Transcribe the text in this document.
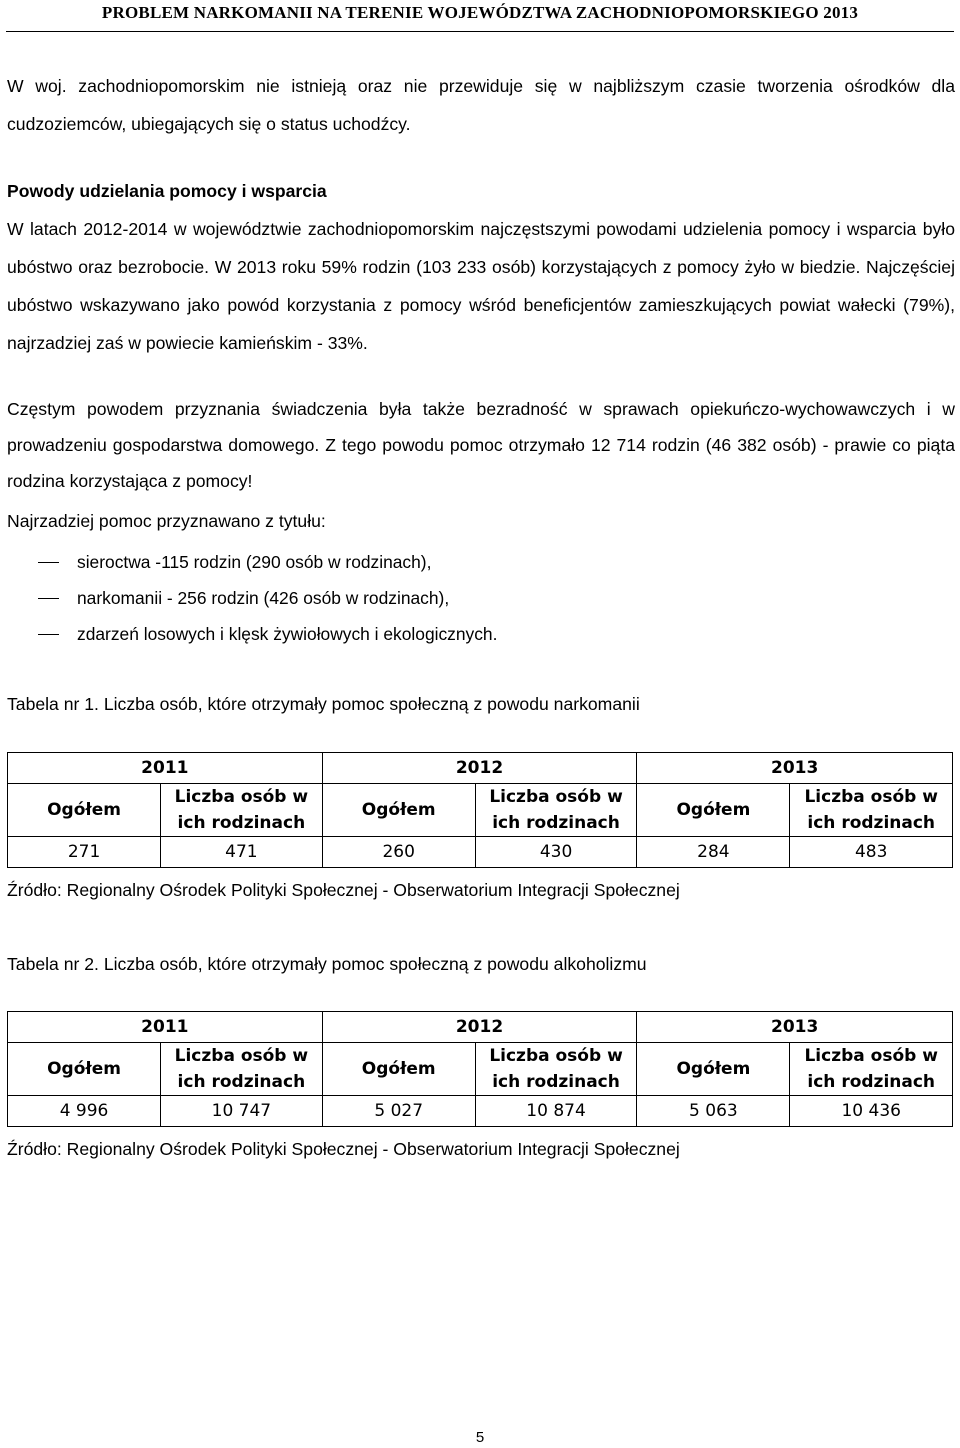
PROBLEM NARKOMANII NA TERENIE WOJEWÓDZTWA ZACHODNIOPOMORSKIEGO 2013

W woj. zachodniopomorskim nie istnieją oraz nie przewiduje się w najbliższym czasie tworzenia ośrodków dla cudzoziemców, ubiegających się o status uchodźcy.

Powody udzielania pomocy i wsparcia

W latach 2012-2014 w województwie zachodniopomorskim najczęstszymi powodami udzielenia pomocy i wsparcia było ubóstwo oraz bezrobocie. W 2013 roku 59% rodzin (103 233 osób) korzystających z pomocy żyło w biedzie. Najczęściej ubóstwo wskazywano jako powód korzystania z pomocy wśród beneficjentów zamieszkujących powiat wałecki (79%), najrzadziej zaś w powiecie kamieńskim - 33%.

Częstym powodem przyznania świadczenia była także bezradność w sprawach opiekuńczo-wychowawczych i w prowadzeniu gospodarstwa domowego. Z tego powodu pomoc otrzymało 12 714 rodzin (46 382 osób) - prawie co piąta rodzina korzystająca z pomocy!

Najrzadziej pomoc przyznawano z tytułu:

sieroctwa -115 rodzin (290 osób w rodzinach),
narkomanii - 256 rodzin (426 osób w rodzinach),
zdarzeń losowych i klęsk żywiołowych i ekologicznych.

Tabela nr 1. Liczba osób, które otrzymały pomoc społeczną z powodu narkomanii

2011		2012		2013	
Ogółem	Liczba osób w
ich rodzinach	Ogółem	Liczba osób w
ich rodzinach	Ogółem	Liczba osób w
ich rodzinach
271	471	260	430	284	483

Źródło: Regionalny Ośrodek Polityki Społecznej - Obserwatorium Integracji Społecznej

Tabela nr 2. Liczba osób, które otrzymały pomoc społeczną z powodu alkoholizmu

2011		2012		2013	
Ogółem	Liczba osób w
ich rodzinach	Ogółem	Liczba osób w
ich rodzinach	Ogółem	Liczba osób w
ich rodzinach
4 996	10 747	5 027	10 874	5 063	10 436

Źródło: Regionalny Ośrodek Polityki Społecznej - Obserwatorium Integracji Społecznej

5
